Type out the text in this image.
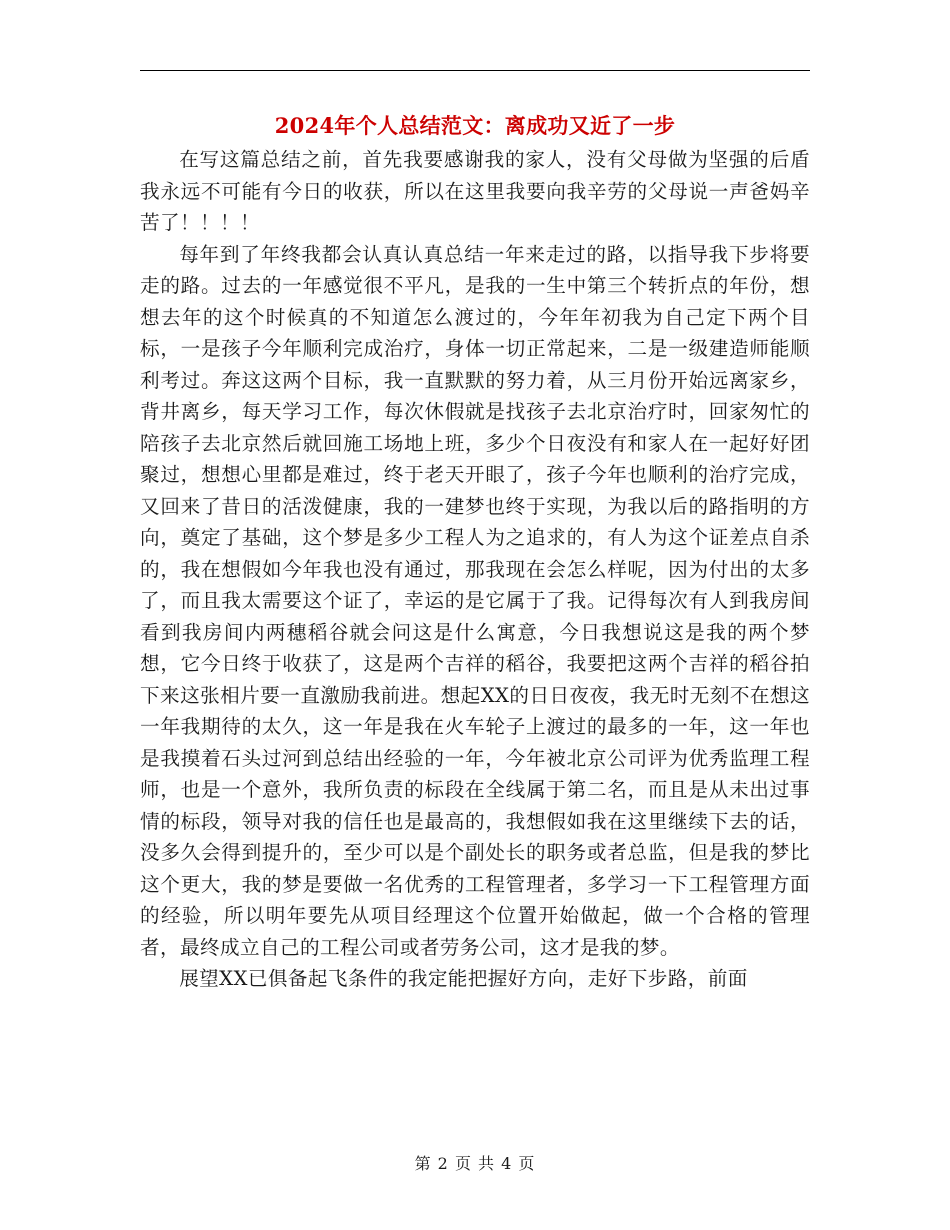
2024年个人总结范文：离成功又近了一步

在写这篇总结之前，首先我要感谢我的家人，没有父母做为坚强的后盾我永远不可能有今日的收获，所以在这里我要向我辛劳的父母说一声爸妈辛苦了！！！！

每年到了年终我都会认真认真总结一年来走过的路，以指导我下步将要走的路。过去的一年感觉很不平凡，是我的一生中第三个转折点的年份，想想去年的这个时候真的不知道怎么渡过的，今年年初我为自己定下两个目标，一是孩子今年顺利完成治疗，身体一切正常起来，二是一级建造师能顺利考过。奔这这两个目标，我一直默默的努力着，从三月份开始远离家乡，背井离乡，每天学习工作，每次休假就是找孩子去北京治疗时，回家匆忙的陪孩子去北京然后就回施工场地上班，多少个日夜没有和家人在一起好好团聚过，想想心里都是难过，终于老天开眼了，孩子今年也顺利的治疗完成，又回来了昔日的活泼健康，我的一建梦也终于实现，为我以后的路指明的方向，奠定了基础，这个梦是多少工程人为之追求的，有人为这个证差点自杀的，我在想假如今年我也没有通过，那我现在会怎么样呢，因为付出的太多了，而且我太需要这个证了，幸运的是它属于了我。记得每次有人到我房间看到我房间内两穗稻谷就会问这是什么寓意，今日我想说这是我的两个梦想，它今日终于收获了，这是两个吉祥的稻谷，我要把这两个吉祥的稻谷拍下来这张相片要一直激励我前进。想起XX的日日夜夜，我无时无刻不在想这一年我期待的太久，这一年是我在火车轮子上渡过的最多的一年，这一年也是我摸着石头过河到总结出经验的一年，今年被北京公司评为优秀监理工程师，也是一个意外，我所负责的标段在全线属于第二名，而且是从未出过事情的标段，领导对我的信任也是最高的，我想假如我在这里继续下去的话，没多久会得到提升的，至少可以是个副处长的职务或者总监，但是我的梦比这个更大，我的梦是要做一名优秀的工程管理者，多学习一下工程管理方面的经验，所以明年要先从项目经理这个位置开始做起，做一个合格的管理者，最终成立自己的工程公司或者劳务公司，这才是我的梦。

展望XX已俱备起飞条件的我定能把握好方向，走好下步路，前面

第 2 页 共 4 页
